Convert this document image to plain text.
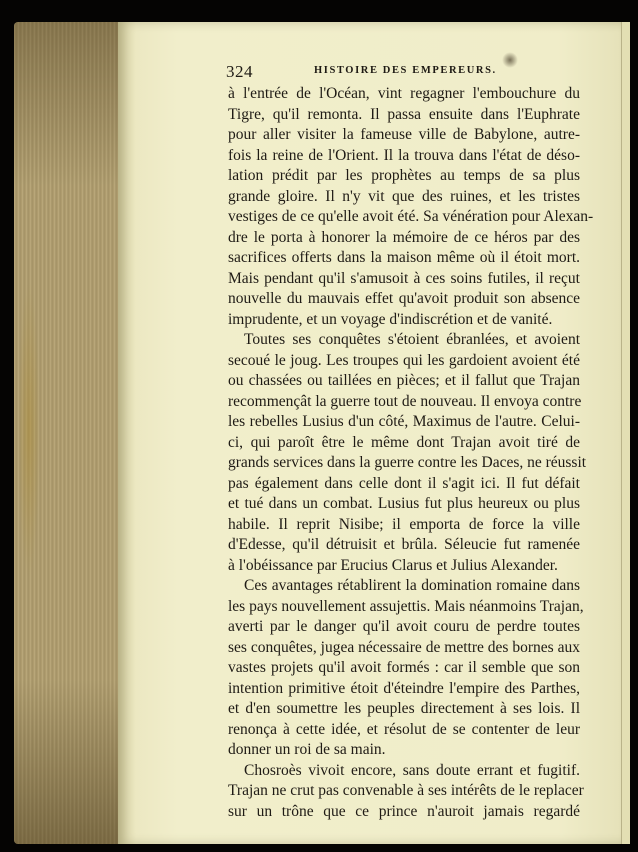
324	HISTOIRE DES EMPEREURS.
à l'entrée de l'Océan, vint regagner l'embouchure du
Tigre, qu'il remonta. Il passa ensuite dans l'Euphrate
pour aller visiter la fameuse ville de Babylone, autre-
fois la reine de l'Orient. Il la trouva dans l'état de déso-
lation prédit par les prophètes au temps de sa plus
grande gloire. Il n'y vit que des ruines, et les tristes
vestiges de ce qu'elle avoit été. Sa vénération pour Alexan-
dre le porta à honorer la mémoire de ce héros par des
sacrifices offerts dans la maison même où il étoit mort.
Mais pendant qu'il s'amusoit à ces soins futiles, il reçut
nouvelle du mauvais effet qu'avoit produit son absence
imprudente, et un voyage d'indiscrétion et de vanité.
Toutes ses conquêtes s'étoient ébranlées, et avoient
secoué le joug. Les troupes qui les gardoient avoient été
ou chassées ou taillées en pièces; et il fallut que Trajan
recommençât la guerre tout de nouveau. Il envoya contre
les rebelles Lusius d'un côté, Maximus de l'autre. Celui-
ci, qui paroît être le même dont Trajan avoit tiré de
grands services dans la guerre contre les Daces, ne réussit
pas également dans celle dont il s'agit ici. Il fut défait
et tué dans un combat. Lusius fut plus heureux ou plus
habile. Il reprit Nisibe; il emporta de force la ville
d'Edesse, qu'il détruisit et brûla. Séleucie fut ramenée
à l'obéissance par Erucius Clarus et Julius Alexander.
Ces avantages rétablirent la domination romaine dans
les pays nouvellement assujettis. Mais néanmoins Trajan,
averti par le danger qu'il avoit couru de perdre toutes
ses conquêtes, jugea nécessaire de mettre des bornes aux
vastes projets qu'il avoit formés : car il semble que son
intention primitive étoit d'éteindre l'empire des Parthes,
et d'en soumettre les peuples directement à ses lois. Il
renonça à cette idée, et résolut de se contenter de leur
donner un roi de sa main.
Chosroès vivoit encore, sans doute errant et fugitif.
Trajan ne crut pas convenable à ses intérêts de le replacer
sur un trône que ce prince n'auroit jamais regardé
